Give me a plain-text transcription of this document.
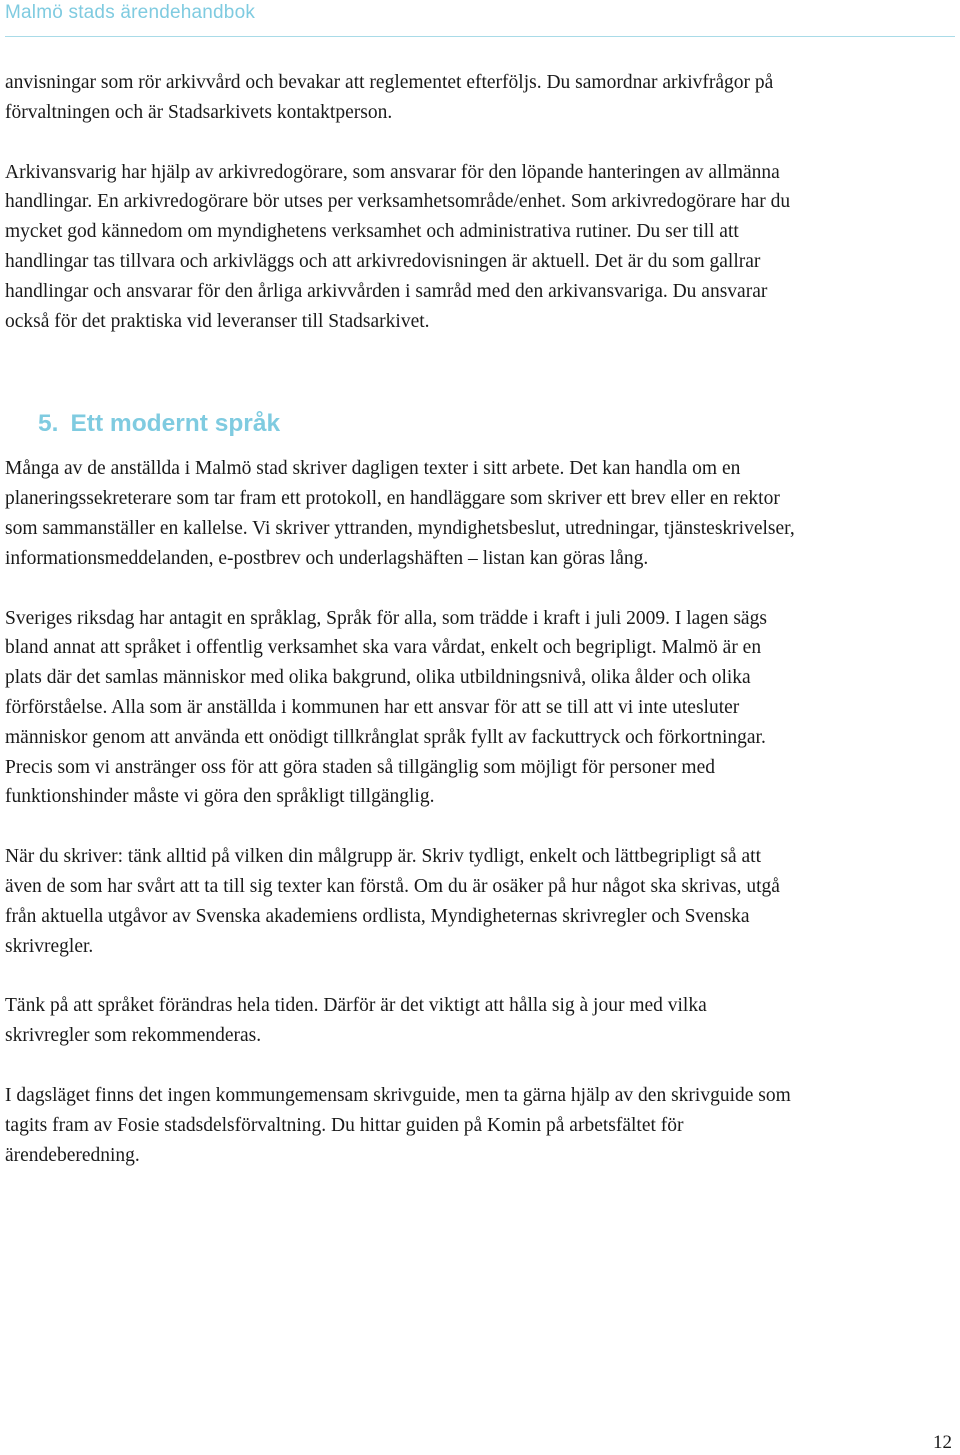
Malmö stads ärendehandbok

anvisningar som rör arkivvård och bevakar att reglementet efterföljs. Du samordnar arkivfrågor på förvaltningen och är Stadsarkivets kontaktperson.

Arkivansvarig har hjälp av arkivredogörare, som ansvarar för den löpande hanteringen av allmänna handlingar. En arkivredogörare bör utses per verksamhetsområde/enhet. Som arkivredogörare har du mycket god kännedom om myndighetens verksamhet och administrativa rutiner. Du ser till att handlingar tas tillvara och arkivläggs och att arkivredovisningen är aktuell. Det är du som gallrar handlingar och ansvarar för den årliga arkivvården i samråd med den arkivansvariga. Du ansvarar också för det praktiska vid leveranser till Stadsarkivet.

5. Ett modernt språk

Många av de anställda i Malmö stad skriver dagligen texter i sitt arbete. Det kan handla om en planeringssekreterare som tar fram ett protokoll, en handläggare som skriver ett brev eller en rektor som sammanställer en kallelse. Vi skriver yttranden, myndighetsbeslut, utredningar, tjänsteskrivelser, informationsmeddelanden, e-postbrev och underlagshäften – listan kan göras lång.

Sveriges riksdag har antagit en språklag, Språk för alla, som trädde i kraft i juli 2009. I lagen sägs bland annat att språket i offentlig verksamhet ska vara vårdat, enkelt och begripligt. Malmö är en plats där det samlas människor med olika bakgrund, olika utbildningsnivå, olika ålder och olika förförståelse. Alla som är anställda i kommunen har ett ansvar för att se till att vi inte utesluter människor genom att använda ett onödigt tillkrånglat språk fyllt av fackuttryck och förkortningar. Precis som vi anstränger oss för att göra staden så tillgänglig som möjligt för personer med funktionshinder måste vi göra den språkligt tillgänglig.

När du skriver: tänk alltid på vilken din målgrupp är. Skriv tydligt, enkelt och lättbegripligt så att även de som har svårt att ta till sig texter kan förstå. Om du är osäker på hur något ska skrivas, utgå från aktuella utgåvor av Svenska akademiens ordlista, Myndigheternas skrivregler och Svenska skrivregler.

Tänk på att språket förändras hela tiden. Därför är det viktigt att hålla sig à jour med vilka skrivregler som rekommenderas.

I dagsläget finns det ingen kommungemensam skrivguide, men ta gärna hjälp av den skrivguide som tagits fram av Fosie stadsdelsförvaltning. Du hittar guiden på Komin på arbetsfältet för ärendeberedning.

12
